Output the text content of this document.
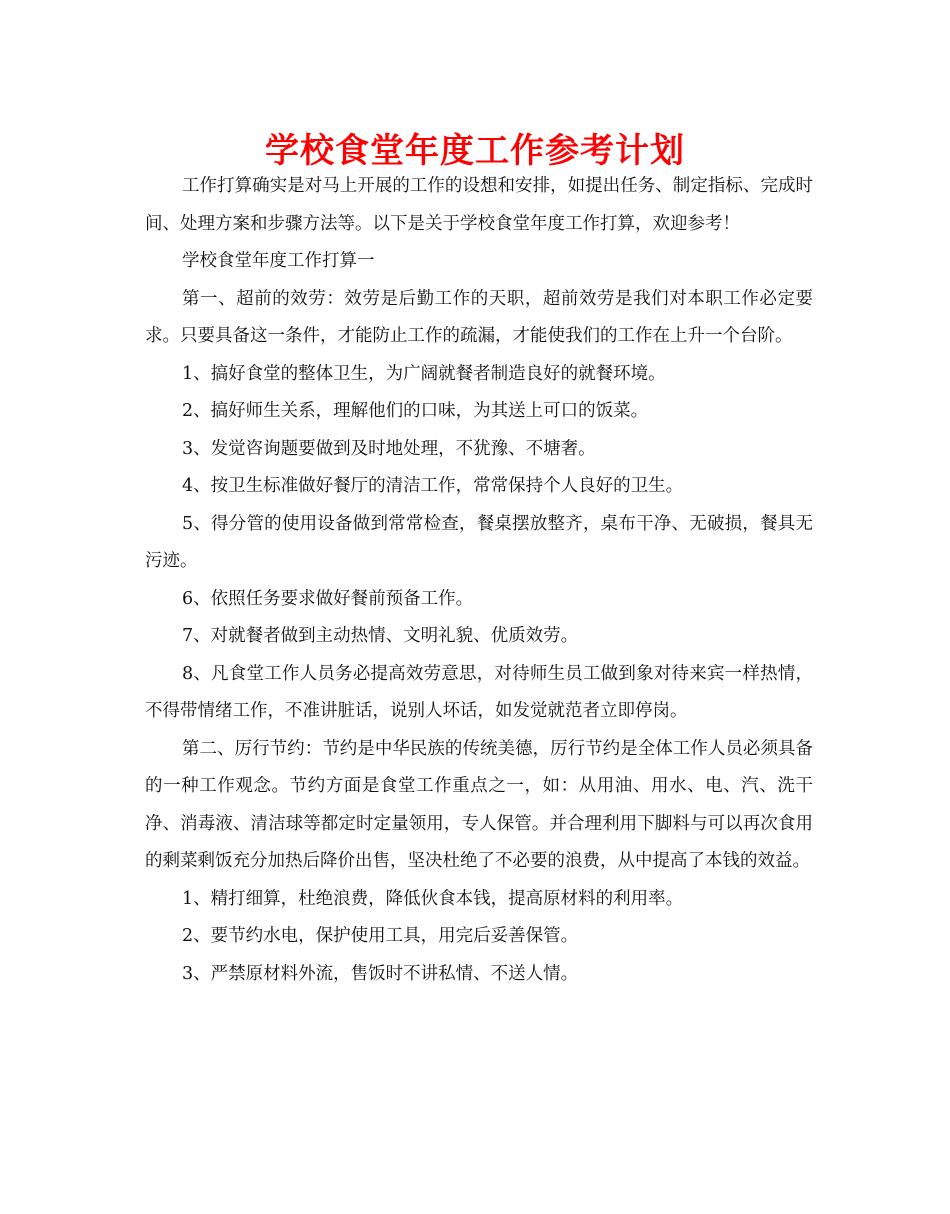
学校食堂年度工作参考计划

工作打算确实是对马上开展的工作的设想和安排，如提出任务、制定指标、完成时间、处理方案和步骤方法等。以下是关于学校食堂年度工作打算，欢迎参考！

学校食堂年度工作打算一

第一、超前的效劳：效劳是后勤工作的天职，超前效劳是我们对本职工作必定要求。只要具备这一条件，才能防止工作的疏漏，才能使我们的工作在上升一个台阶。

1、搞好食堂的整体卫生，为广阔就餐者制造良好的就餐环境。

2、搞好师生关系，理解他们的口味，为其送上可口的饭菜。

3、发觉咨询题要做到及时地处理，不犹豫、不塘奢。

4、按卫生标准做好餐厅的清洁工作，常常保持个人良好的卫生。

5、得分管的使用设备做到常常检查，餐桌摆放整齐，桌布干净、无破损，餐具无污迹。

6、依照任务要求做好餐前预备工作。

7、对就餐者做到主动热情、文明礼貌、优质效劳。

8、凡食堂工作人员务必提高效劳意思，对待师生员工做到象对待来宾一样热情，不得带情绪工作，不准讲脏话，说别人坏话，如发觉就范者立即停岗。

第二、厉行节约：节约是中华民族的传统美德，厉行节约是全体工作人员必须具备的一种工作观念。节约方面是食堂工作重点之一，如：从用油、用水、电、汽、洗干净、消毒液、清洁球等都定时定量领用，专人保管。并合理利用下脚料与可以再次食用的剩菜剩饭充分加热后降价出售，坚决杜绝了不必要的浪费，从中提高了本钱的效益。

1、精打细算，杜绝浪费，降低伙食本钱，提高原材料的利用率。

2、要节约水电，保护使用工具，用完后妥善保管。

3、严禁原材料外流，售饭时不讲私情、不送人情。
